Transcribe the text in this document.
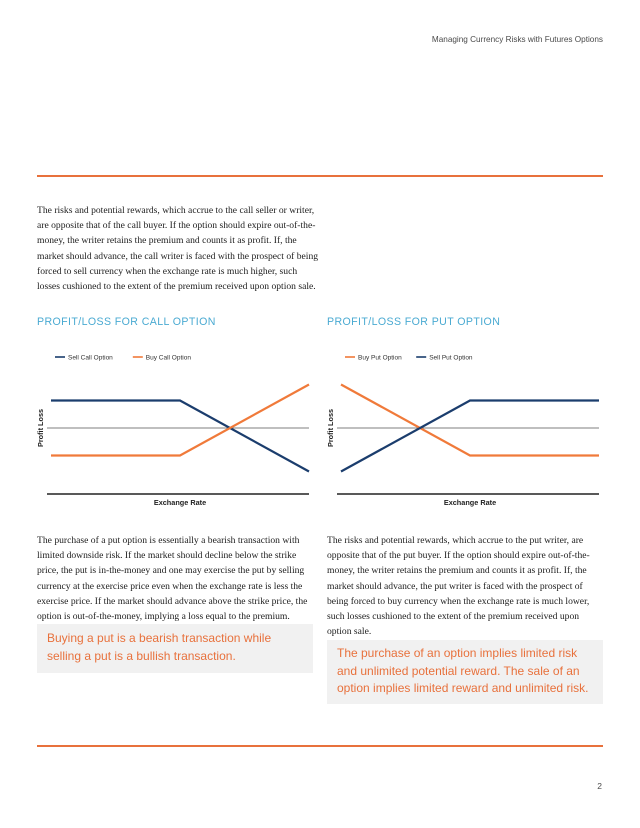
Managing Currency Risks with Futures Options

The risks and potential rewards, which accrue to the call seller or writer, are opposite that of the call buyer. If the option should expire out-of-the-money, the writer retains the premium and counts it as profit. If, the market should advance, the call writer is faced with the prospect of being forced to sell currency when the exchange rate is much higher, such losses cushioned to the extent of the premium received upon option sale.

PROFIT/LOSS FOR CALL OPTION	PROFIT/LOSS FOR PUT OPTION
Sell Call Option	Buy Call Option
Exchange Rate
Profit Loss
Buy Put Option	Sell Put Option
Exchange Rate
Profit Loss

The purchase of a put option is essentially a bearish transaction with limited downside risk. If the market should decline below the strike price, the put is in-the-money and one may exercise the put by selling currency at the exercise price even when the exchange rate is less the exercise price. If the market should advance above the strike price, the option is out-of-the-money, implying a loss equal to the premium.

The risks and potential rewards, which accrue to the put writer, are opposite that of the put buyer. If the option should expire out-of-the-money, the writer retains the premium and counts it as profit. If, the market should advance, the put writer is faced with the prospect of being forced to buy currency when the exchange rate is much lower, such losses cushioned to the extent of the premium received upon option sale.

Buying a put is a bearish transaction while selling a put is a bullish transaction.	The purchase of an option implies limited risk and unlimited potential reward. The sale of an option implies limited reward and unlimited risk.
2
